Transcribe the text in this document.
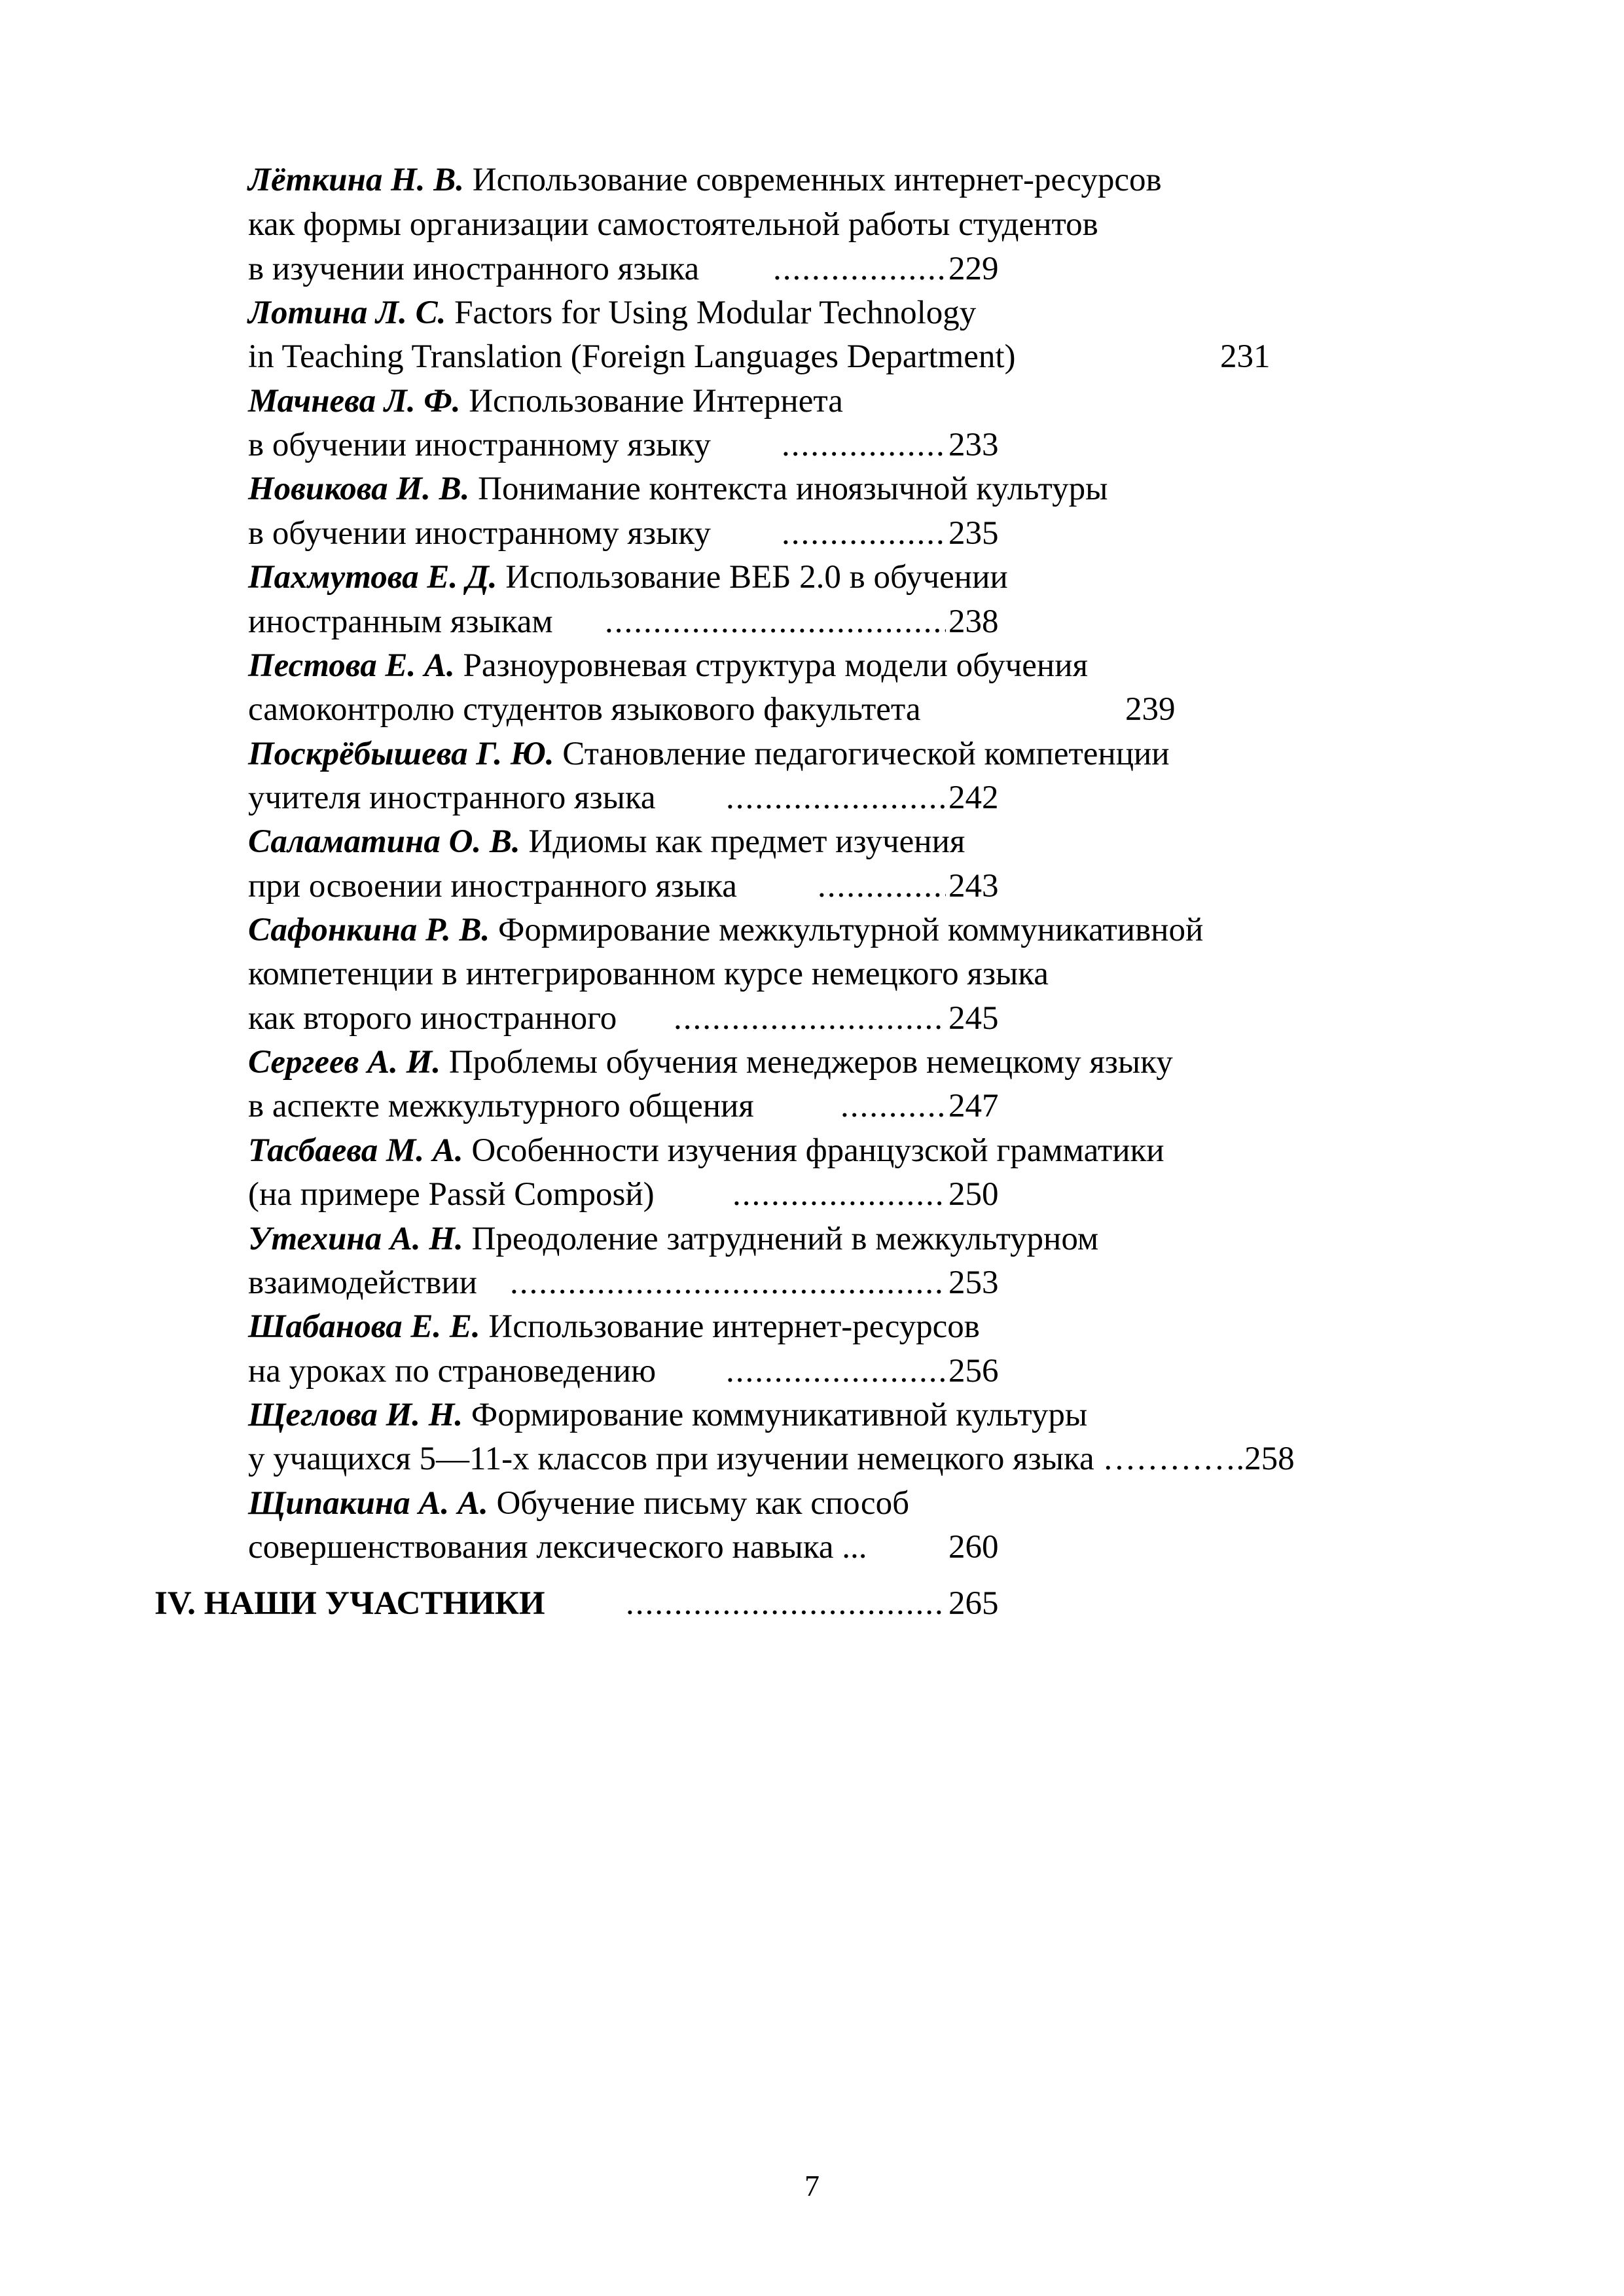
Лёткина Н. В. Использование современных интернет-ресурсов
как формы организации самостоятельной работы студентов
в изучении иностранного языка .....	229
Лотина Л. С. Factors for Using Modular Technology
in Teaching Translation (Foreign Languages Department)	231
Мачнева Л. Ф. Использование Интернета
в обучении иностранному языку .....	233
Новикова И. В. Понимание контекста иноязычной культуры
в обучении иностранному языку .....	235
Пахмутова Е. Д. Использование ВЕБ 2.0 в обучении
иностранным языкам .....	238
Пестова Е. А. Разноуровневая структура модели обучения
самоконтролю студентов языкового факультета	239
Поскрёбышева Г. Ю. Становление педагогической компетенции
учителя иностранного языка .....	242
Саламатина О. В. Идиомы как предмет изучения
при освоении иностранного языка .....	243
Сафонкина Р. В. Формирование межкультурной коммуникативной
компетенции в интегрированном курсе немецкого языка
как второго иностранного .....	245
Сергеев А. И. Проблемы обучения менеджеров немецкому языку
в аспекте межкультурного общения .....	247
Тасбаева М. А. Особенности изучения французской грамматики
(на примере Passй Composй) .....	250
Утехина А. Н. Преодоление затруднений в межкультурном
взаимодействии .....	253
Шабанова Е. Е. Использование интернет-ресурсов
на уроках по страноведению .....	256
Щеглова И. Н. Формирование коммуникативной культуры
у учащихся 5—11-х классов при изучении немецкого языка ………….258
Щипакина А. А. Обучение письму как способ
совершенствования лексического навыка ... 260
IV. НАШИ УЧАСТНИКИ .....	265
7
